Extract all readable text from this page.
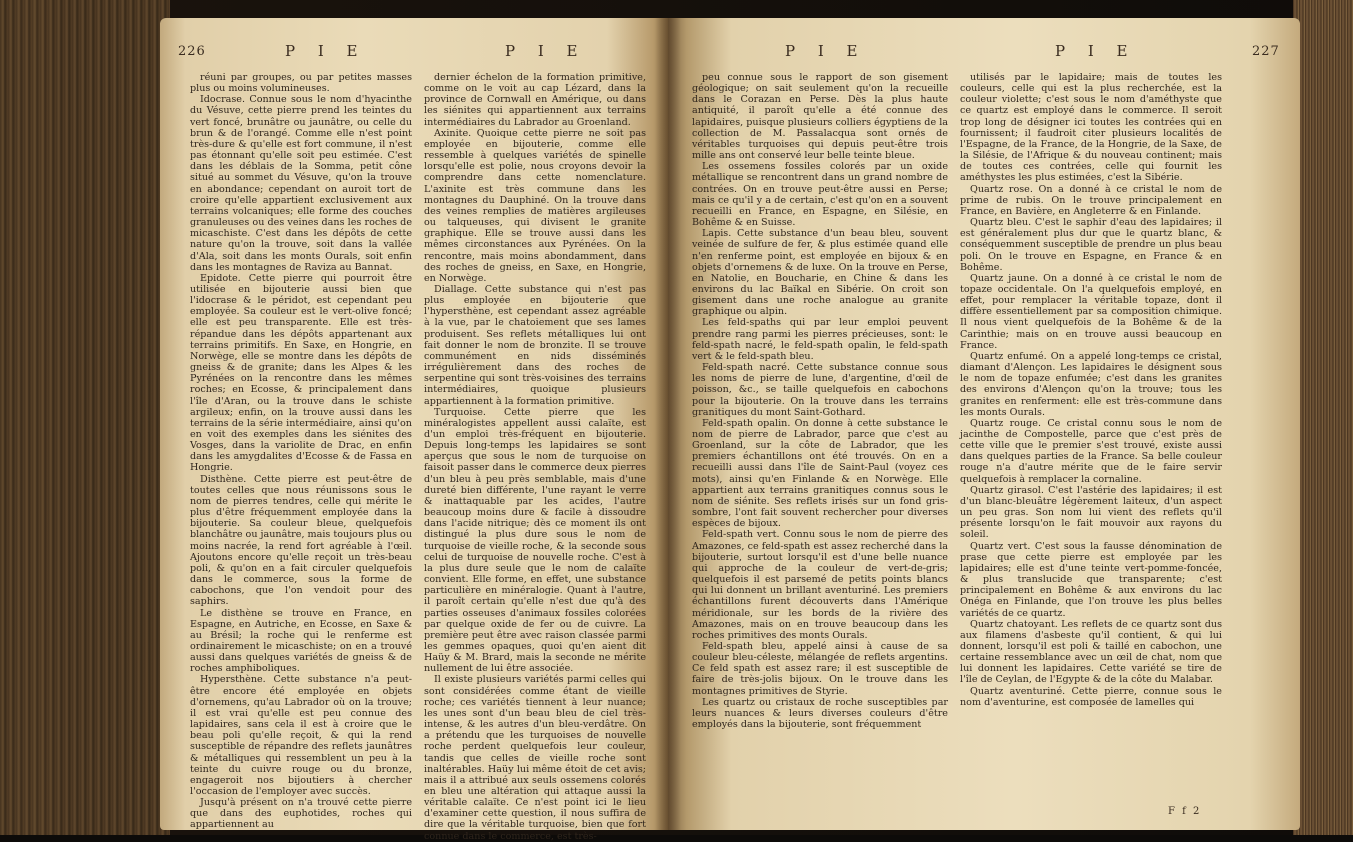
226	P I E	P I E	P I E	P I E	227

réuni par groupes, ou par petites masses plus ou moins volumineuses.

Idocrase. Connue sous le nom d'hyacinthe du Vésuve, cette pierre prend les teintes du vert foncé, brunâtre ou jaunâtre, ou celle du brun & de l'orangé. Comme elle n'est point très-dure & qu'elle est fort commune, il n'est pas étonnant qu'elle soit peu estimée. C'est dans les déblais de la Somma, petit cône situé au sommet du Vésuve, qu'on la trouve en abondance; cependant on auroit tort de croire qu'elle appartient exclusivement aux terrains volcaniques; elle forme des couches granuleuses ou des veines dans les roches de micaschiste. C'est dans les dépôts de cette nature qu'on la trouve, soit dans la vallée d'Ala, soit dans les monts Ourals, soit enfin dans les montagnes de Raviza au Bannat.

Epidote. Cette pierre qui pourroit être utilisée en bijouterie aussi bien que l'idocrase & le péridot, est cependant peu employée. Sa couleur est le vert-olive foncé; elle est peu transparente. Elle est très-répandue dans les dépôts appartenant aux terrains primitifs. En Saxe, en Hongrie, en Norwège, elle se montre dans les dépôts de gneiss & de granite; dans les Alpes & les Pyrénées on la rencontre dans les mêmes roches; en Ecosse, & principalement dans l'île d'Aran, ou la trouve dans le schiste argileux; enfin, on la trouve aussi dans les terrains de la série intermédiaire, ainsi qu'on en voit des exemples dans les siénites des Vosges, dans la variolite de Drac, en enfin dans les amygdalites d'Ecosse & de Fassa en Hongrie.

Disthène. Cette pierre est peut-être de toutes celles que nous réunissons sous le nom de pierres tendres, celle qui mérite le plus d'être fréquemment employée dans la bijouterie. Sa couleur bleue, quelquefois blanchâtre ou jaunâtre, mais toujours plus ou moins nacrée, la rend fort agréable à l'œil. Ajoutons encore qu'elle reçoit un très-beau poli, & qu'on en a fait circuler quelquefois dans le commerce, sous la forme de cabochons, que l'on vendoit pour des saphirs.

Le disthène se trouve en France, en Espagne, en Autriche, en Ecosse, en Saxe & au Brésil; la roche qui le renferme est ordinairement le micaschiste; on en a trouvé aussi dans quelques variétés de gneiss & de roches amphiboliques.

Hypersthène. Cette substance n'a peut-être encore été employée en objets d'ornemens, qu'au Labrador où on la trouve; il est vrai qu'elle est peu connue des lapidaires, sans cela il est à croire que le beau poli qu'elle reçoit, & qui la rend susceptible de répandre des reflets jaunâtres & métalliques qui ressemblent un peu à la teinte du cuivre rouge ou du bronze, engageroit nos bijoutiers à chercher l'occasion de l'employer avec succès.

Jusqu'à présent on n'a trouvé cette pierre que dans des euphotides, roches qui appartiennent au

dernier échelon de la formation primitive, comme on le voit au cap Lézard, dans la province de Cornwall en Amérique, ou dans les siénites qui appartiennent aux terrains intermédiaires du Labrador au Groenland.

Axinite. Quoique cette pierre ne soit pas employée en bijouterie, comme elle ressemble à quelques variétés de spinelle lorsqu'elle est polie, nous croyons devoir la comprendre dans cette nomenclature. L'axinite est très commune dans les montagnes du Dauphiné. On la trouve dans des veines remplies de matières argileuses ou talqueuses, qui divisent le granite graphique. Elle se trouve aussi dans les mêmes circonstances aux Pyrénées. On la rencontre, mais moins abondamment, dans des roches de gneiss, en Saxe, en Hongrie, en Norwège.

Diallage. Cette substance qui n'est pas plus employée en bijouterie que l'hypersthène, est cependant assez agréable à la vue, par le chatoiement que ses lames produisent. Ses reflets métalliques lui ont fait donner le nom de bronzite. Il se trouve communément en nids disséminés irrégulièrement dans des roches de serpentine qui sont très-voisines des terrains intermédiaires, quoique plusieurs appartiennent à la formation primitive.

Turquoise. Cette pierre que les minéralogistes appellent aussi calaïte, est d'un emploi très-fréquent en bijouterie. Depuis long-temps les lapidaires se sont aperçus que sous le nom de turquoise on faisoit passer dans le commerce deux pierres d'un bleu à peu près semblable, mais d'une dureté bien différente, l'une rayant le verre & inattaquable par les acides, l'autre beaucoup moins dure & facile à dissoudre dans l'acide nitrique; dès ce moment ils ont distingué la plus dure sous le nom de turquoise de vieille roche, & la seconde sous celui de turquoise de nouvelle roche. C'est à la plus dure seule que le nom de calaïte convient. Elle forme, en effet, une substance particulière en minéralogie. Quant à l'autre, il paroît certain qu'elle n'est due qu'à des parties osseuses d'animaux fossiles colorées par quelque oxide de fer ou de cuivre. La première peut être avec raison classée parmi les gemmes opaques, quoi qu'en aient dit Haüy & M. Brard, mais la seconde ne mérite nullement de lui être associée.

Il existe plusieurs variétés parmi celles qui sont considérées comme étant de vieille roche; ces variétés tiennent à leur nuance; les unes sont d'un beau bleu de ciel très-intense, & les autres d'un bleu-verdâtre. On a prétendu que les turquoises de nouvelle roche perdent quelquefois leur couleur, tandis que celles de vieille roche sont inaltérables. Haüy lui même étoit de cet avis; mais il a attribué aux seuls ossemens colorés en bleu une altération qui attaque aussi la véritable calaïte. Ce n'est point ici le lieu d'examiner cette question, il nous suffira de dire que la véritable turquoise, bien que fort connue dans le commerce, est très-

peu connue sous le rapport de son gisement géologique; on sait seulement qu'on la recueille dans le Corazan en Perse. Dès la plus haute antiquité, il paroît qu'elle a été connue des lapidaires, puisque plusieurs colliers égyptiens de la collection de M. Passalacqua sont ornés de véritables turquoises qui depuis peut-être trois mille ans ont conservé leur belle teinte bleue.

Les ossemens fossiles colorés par un oxide métallique se rencontrent dans un grand nombre de contrées. On en trouve peut-être aussi en Perse; mais ce qu'il y a de certain, c'est qu'on en a souvent recueilli en France, en Espagne, en Silésie, en Bohême & en Suisse.

Lapis. Cette substance d'un beau bleu, souvent veinée de sulfure de fer, & plus estimée quand elle n'en renferme point, est employée en bijoux & en objets d'ornemens & de luxe. On la trouve en Perse, en Natolie, en Boucharie, en Chine & dans les environs du lac Baïkal en Sibérie. On croit son gisement dans une roche analogue au granite graphique ou alpin.

Les feld-spaths qui par leur emploi peuvent prendre rang parmi les pierres précieuses, sont: le feld-spath nacré, le feld-spath opalin, le feld-spath vert & le feld-spath bleu.

Feld-spath nacré. Cette substance connue sous les noms de pierre de lune, d'argentine, d'œil de poisson, &c., se taille quelquefois en cabochons pour la bijouterie. On la trouve dans les terrains granitiques du mont Saint-Gothard.

Feld-spath opalin. On donne à cette substance le nom de pierre de Labrador, parce que c'est au Groenland, sur la côte de Labrador, que les premiers échantillons ont été trouvés. On en a recueilli aussi dans l'île de Saint-Paul (voyez ces mots), ainsi qu'en Finlande & en Norwège. Elle appartient aux terrains granitiques connus sous le nom de siénite. Ses reflets irisés sur un fond gris-sombre, l'ont fait souvent rechercher pour diverses espèces de bijoux.

Feld-spath vert. Connu sous le nom de pierre des Amazones, ce feld-spath est assez recherché dans la bijouterie, surtout lorsqu'il est d'une belle nuance qui approche de la couleur de vert-de-gris; quelquefois il est parsemé de petits points blancs qui lui donnent un brillant aventuriné. Les premiers échantillons furent découverts dans l'Amérique méridionale, sur les bords de la rivière des Amazones, mais on en trouve beaucoup dans les roches primitives des monts Ourals.

Feld-spath bleu, appelé ainsi à cause de sa couleur bleu-céleste, mélangée de reflets argentins. Ce feld spath est assez rare; il est susceptible de faire de très-jolis bijoux. On le trouve dans les montagnes primitives de Styrie.

Les quartz ou cristaux de roche susceptibles par leurs nuances & leurs diverses couleurs d'être employés dans la bijouterie, sont fréquemment

utilisés par le lapidaire; mais de toutes les couleurs, celle qui est la plus recherchée, est la couleur violette; c'est sous le nom d'améthyste que ce quartz est employé dans le commerce. Il seroit trop long de désigner ici toutes les contrées qui en fournissent; il faudroit citer plusieurs localités de l'Espagne, de la France, de la Hongrie, de la Saxe, de la Silésie, de l'Afrique & du nouveau continent; mais de toutes ces contrées, celle qui fournit les améthystes les plus estimées, c'est la Sibérie.

Quartz rose. On a donné à ce cristal le nom de prime de rubis. On le trouve principalement en France, en Bavière, en Angleterre & en Finlande.

Quartz bleu. C'est le saphir d'eau des lapidaires; il est généralement plus dur que le quartz blanc, & conséquemment susceptible de prendre un plus beau poli. On le trouve en Espagne, en France & en Bohême.

Quartz jaune. On a donné à ce cristal le nom de topaze occidentale. On l'a quelquefois employé, en effet, pour remplacer la véritable topaze, dont il diffère essentiellement par sa composition chimique. Il nous vient quelquefois de la Bohême & de la Carinthie; mais on en trouve aussi beaucoup en France.

Quartz enfumé. On a appelé long-temps ce cristal, diamant d'Alençon. Les lapidaires le désignent sous le nom de topaze enfumée; c'est dans les granites des environs d'Alençon qu'on la trouve; tous les granites en renferment: elle est très-commune dans les monts Ourals.

Quartz rouge. Ce cristal connu sous le nom de jacinthe de Compostelle, parce que c'est près de cette ville que le premier s'est trouvé, existe aussi dans quelques parties de la France. Sa belle couleur rouge n'a d'autre mérite que de le faire servir quelquefois à remplacer la cornaline.

Quartz girasol. C'est l'astérie des lapidaires; il est d'un blanc-bleuâtre légèrement laiteux, d'un aspect un peu gras. Son nom lui vient des reflets qu'il présente lorsqu'on le fait mouvoir aux rayons du soleil.

Quartz vert. C'est sous la fausse dénomination de prase que cette pierre est employée par les lapidaires; elle est d'une teinte vert-pomme-foncée, & plus translucide que transparente; c'est principalement en Bohême & aux environs du lac Onéga en Finlande, que l'on trouve les plus belles variétés de ce quartz.

Quartz chatoyant. Les reflets de ce quartz sont dus aux filamens d'asbeste qu'il contient, & qui lui donnent, lorsqu'il est poli & taillé en cabochon, une certaine ressemblance avec un œil de chat, nom que lui donnent les lapidaires. Cette variété se tire de l'île de Ceylan, de l'Egypte & de la côte du Malabar.

Quartz aventuriné. Cette pierre, connue sous le nom d'aventurine, est composée de lamelles qui

F f 2
